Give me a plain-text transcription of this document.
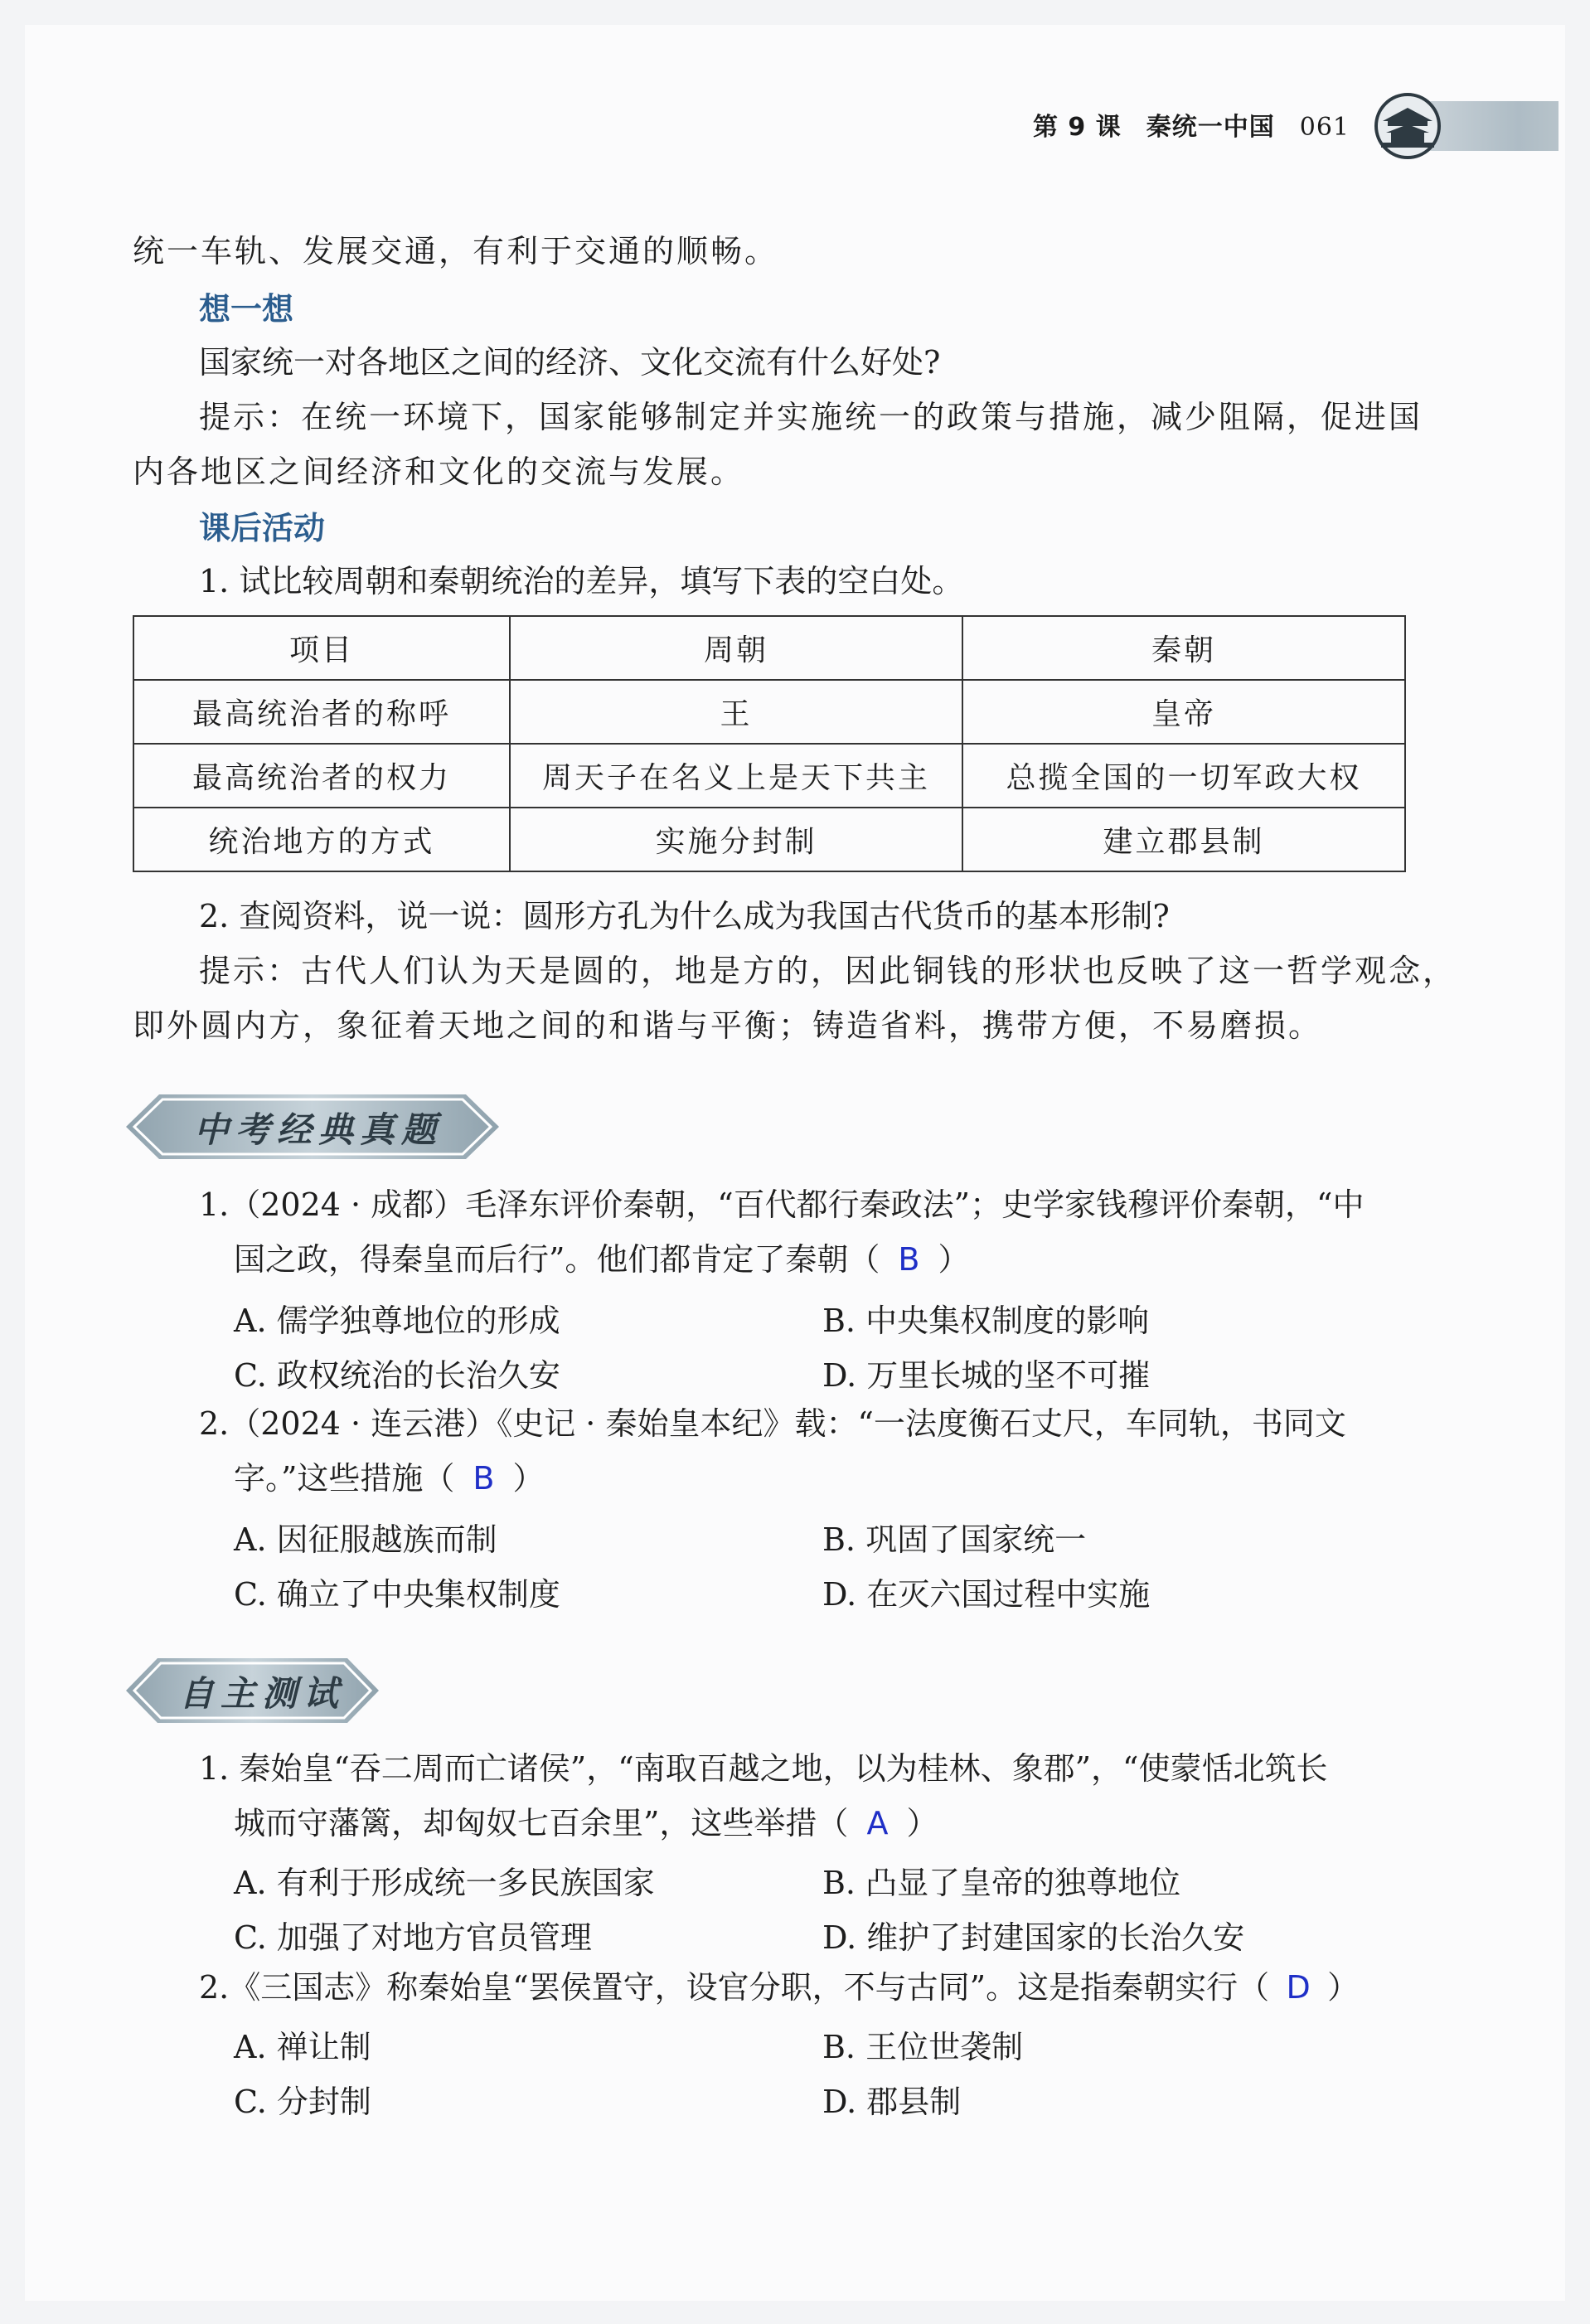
第 9 课 秦统一中国 061
统一车轨、发展交通，有利于交通的顺畅。
想一想
国家统一对各地区之间的经济、文化交流有什么好处?
提示：在统一环境下，国家能够制定并实施统一的政策与措施，减少阻隔，促进国
内各地区之间经济和文化的交流与发展。
课后活动
1. 试比较周朝和秦朝统治的差异，填写下表的空白处。
项目	周朝	秦朝
最高统治者的称呼	王	皇帝
最高统治者的权力	周天子在名义上是天下共主	总揽全国的一切军政大权
统治地方的方式	实施分封制	建立郡县制
2. 查阅资料，说一说：圆形方孔为什么成为我国古代货币的基本形制?
提示：古代人们认为天是圆的，地是方的，因此铜钱的形状也反映了这一哲学观念，
即外圆内方，象征着天地之间的和谐与平衡；铸造省料，携带方便，不易磨损。
中考经典真题
1.（2024 · 成都）毛泽东评价秦朝，“百代都行秦政法”；史学家钱穆评价秦朝，“中
国之政，得秦皇而后行”。他们都肯定了秦朝（ B ）
A. 儒学独尊地位的形成	B. 中央集权制度的影响
C. 政权统治的长治久安	D. 万里长城的坚不可摧
2.（2024 · 连云港）《史记 · 秦始皇本纪》载：“一法度衡石丈尺，车同轨，书同文
字。”这些措施（ B ）
A. 因征服越族而制	B. 巩固了国家统一
C. 确立了中央集权制度	D. 在灭六国过程中实施
自主测试
1. 秦始皇“吞二周而亡诸侯”，“南取百越之地，以为桂林、象郡”，“使蒙恬北筑长
城而守藩篱，却匈奴七百余里”，这些举措（ A ）
A. 有利于形成统一多民族国家	B. 凸显了皇帝的独尊地位
C. 加强了对地方官员管理	D. 维护了封建国家的长治久安
2.《三国志》称秦始皇“罢侯置守，设官分职，不与古同”。这是指秦朝实行（ D ）
A. 禅让制	B. 王位世袭制
C. 分封制	D. 郡县制
